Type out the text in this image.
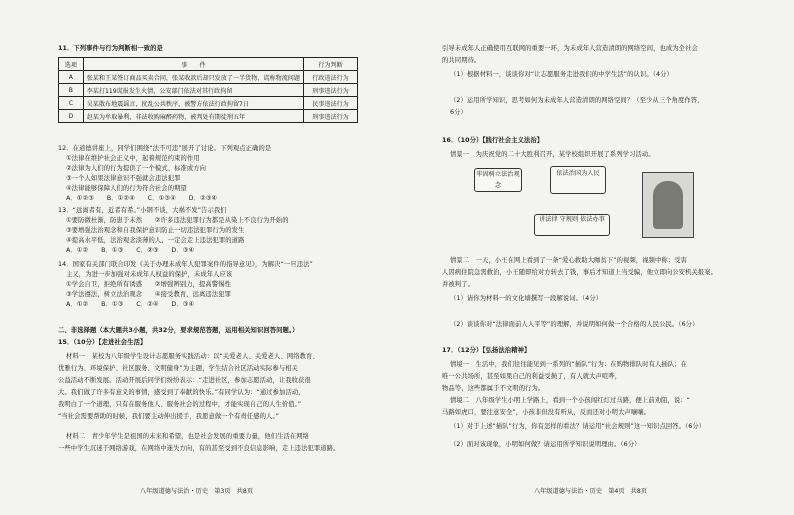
11．下列事件与行为判断相一致的是
选项	事　　件	行为判断
A	张某和王某签订商品买卖合同，张某收款后却只发放了一半货物，谎称物流问题	行政违法行为
B	李某打119谎报发生火情，公安部门依法对其行政拘留	刑事违法行为
C	吴某散布地震谣言，扰乱公共秩序，被警方依法行政拘留7日	民事违法行为
D	赵某为牟取暴利，非法收购麻醉药物，被判处有期徒刑五年	刑事违法行为
12．在道德讲座上，同学们围绕“法不可违”展开了讨论。下列观点正确的是
①法律在维护社会正义中，起着规范约束的作用
②法律为人们的行为提供了一个模式、标准或方向
③一个人如果法律意识不强就会违法犯罪
④法律能够保障人们的行为符合社会的期望
A．①②③　　B．①②④　　C．①③④　　D．②③④
13．“远离者有，近者有希。”小钢不谈，大祸不发”告示我们
①要防微杜渐，防患于未然　　②许多违法犯罪行为都是从染上不良行为开始的
③要增强法治观念和自我保护意识防止一切违法犯罪行为的发生
④提高水平低，法治观念淡薄的人，一定会走上违法犯罪的道路
A．①②　　B．①③　　C．②③　　D．③④
14．国家有关部门联合印发《关于办理未成年人犯罪案件的指导意见》，为解决“一旦违法”
主又，为进一步加强对未成年人权益的保护，未成年人应该
①学会自卫，拒绝所有诱惑　　②增强辨别力，提高警惕性
③学法遵法，树立法治观念　　④接受教育，远离违法犯罪
A．①②　　B．①③　　C．②④　　D．③④
二、非选择题（本大题共3小题，共32分，要求规范答题，运用相关知识回答问题。）
15．（10分）【走进社会生活】
材料一　某校为八年级学生设计志愿服务实践活动：以“关爱老人、关爱老人、网络教育、
优雅行为、环境保护、社区服务、文明健身”为主题，学生结合社区活动实际参与相关
公益活动不断发展。活动开展后同学们纷纷表示：“走进社区，参加志愿活动，让我收获很
大。我们做了许多有意义的事情，感受到了奉献的快乐。”有同学认为：“通过参加活动，
我明白了一个道理，只有在服务他人、服务社会的过程中，才能实现自己的人生价值。”
“当社会需要帮助的时候，我们要主动伸出援手，我愿意做一个有责任感的人。”
材料二　青少年学生是祖国的未来和希望，也是社会发展的重要力量，他们生活在网络
一些中学生沉迷于网络游戏，在网络中迷失方向，有的甚至受到不良信息影响，走上违法犯罪道路。
八年级道德与法治・历史　第3页　共8页
引导未成年人正确使用互联网的重要一环，为未成年人营造清朗的网络空间，也成为全社会
的共同期待。
（1）根据材料一，谈谈你对“让志愿服务走进我们的中学生活”的认识。（4分）
（2）运用所学知识，思考如何为未成年人营造清朗的网络空间？（至少从三个角度作答，
6分）
16．（10分）【践行社会主义法治】
情景一　为庆祝党的二十大胜利召开，某学校组织开展了系列学习活动。
牢固树立法治观念
依法治国为人民
讲法律 守规则 依法办事
情景二　一天，小王在网上看到了一条“爱心救助大咖贫下”的视频，视频中称：受害
人因病住院急需救治，小王随即给对方转去了钱，事后才知道上当受骗，他立即向公安机关报案。
并被判了。
（1）请你为材料一的文化墙撰写一段解说词。（4分）
（2）谈谈你对“法律面前人人平等”的理解，并说明如何做一个合格的人民公民。（6分）
17．（12分）【弘扬法治精神】
情境一　生活中，我们往往能见到一系列的“插队”行为：在购物排队时有人插队；在
唯一公共场所，甚至如果自己的利益受损了，有人就大声喧哗，
物品等，这些都属于不文明的行为。
情境二　八年级学生小明上学路上，看到一个小孩闯红灯过马路，便上前劝阻，说：“
马路如虎口，要注意安全”，小孩非但没有听从，反而还对小明大声嚷嚷。
（1）对于上述“插队”行为，你有怎样的看法？请运用“社会规则”这一知识点回答。（6分）
（2）面对该现象，小明如何做？请运用所学知识说明理由。（6分）
八年级道德与法治・历史　第4页　共8页
